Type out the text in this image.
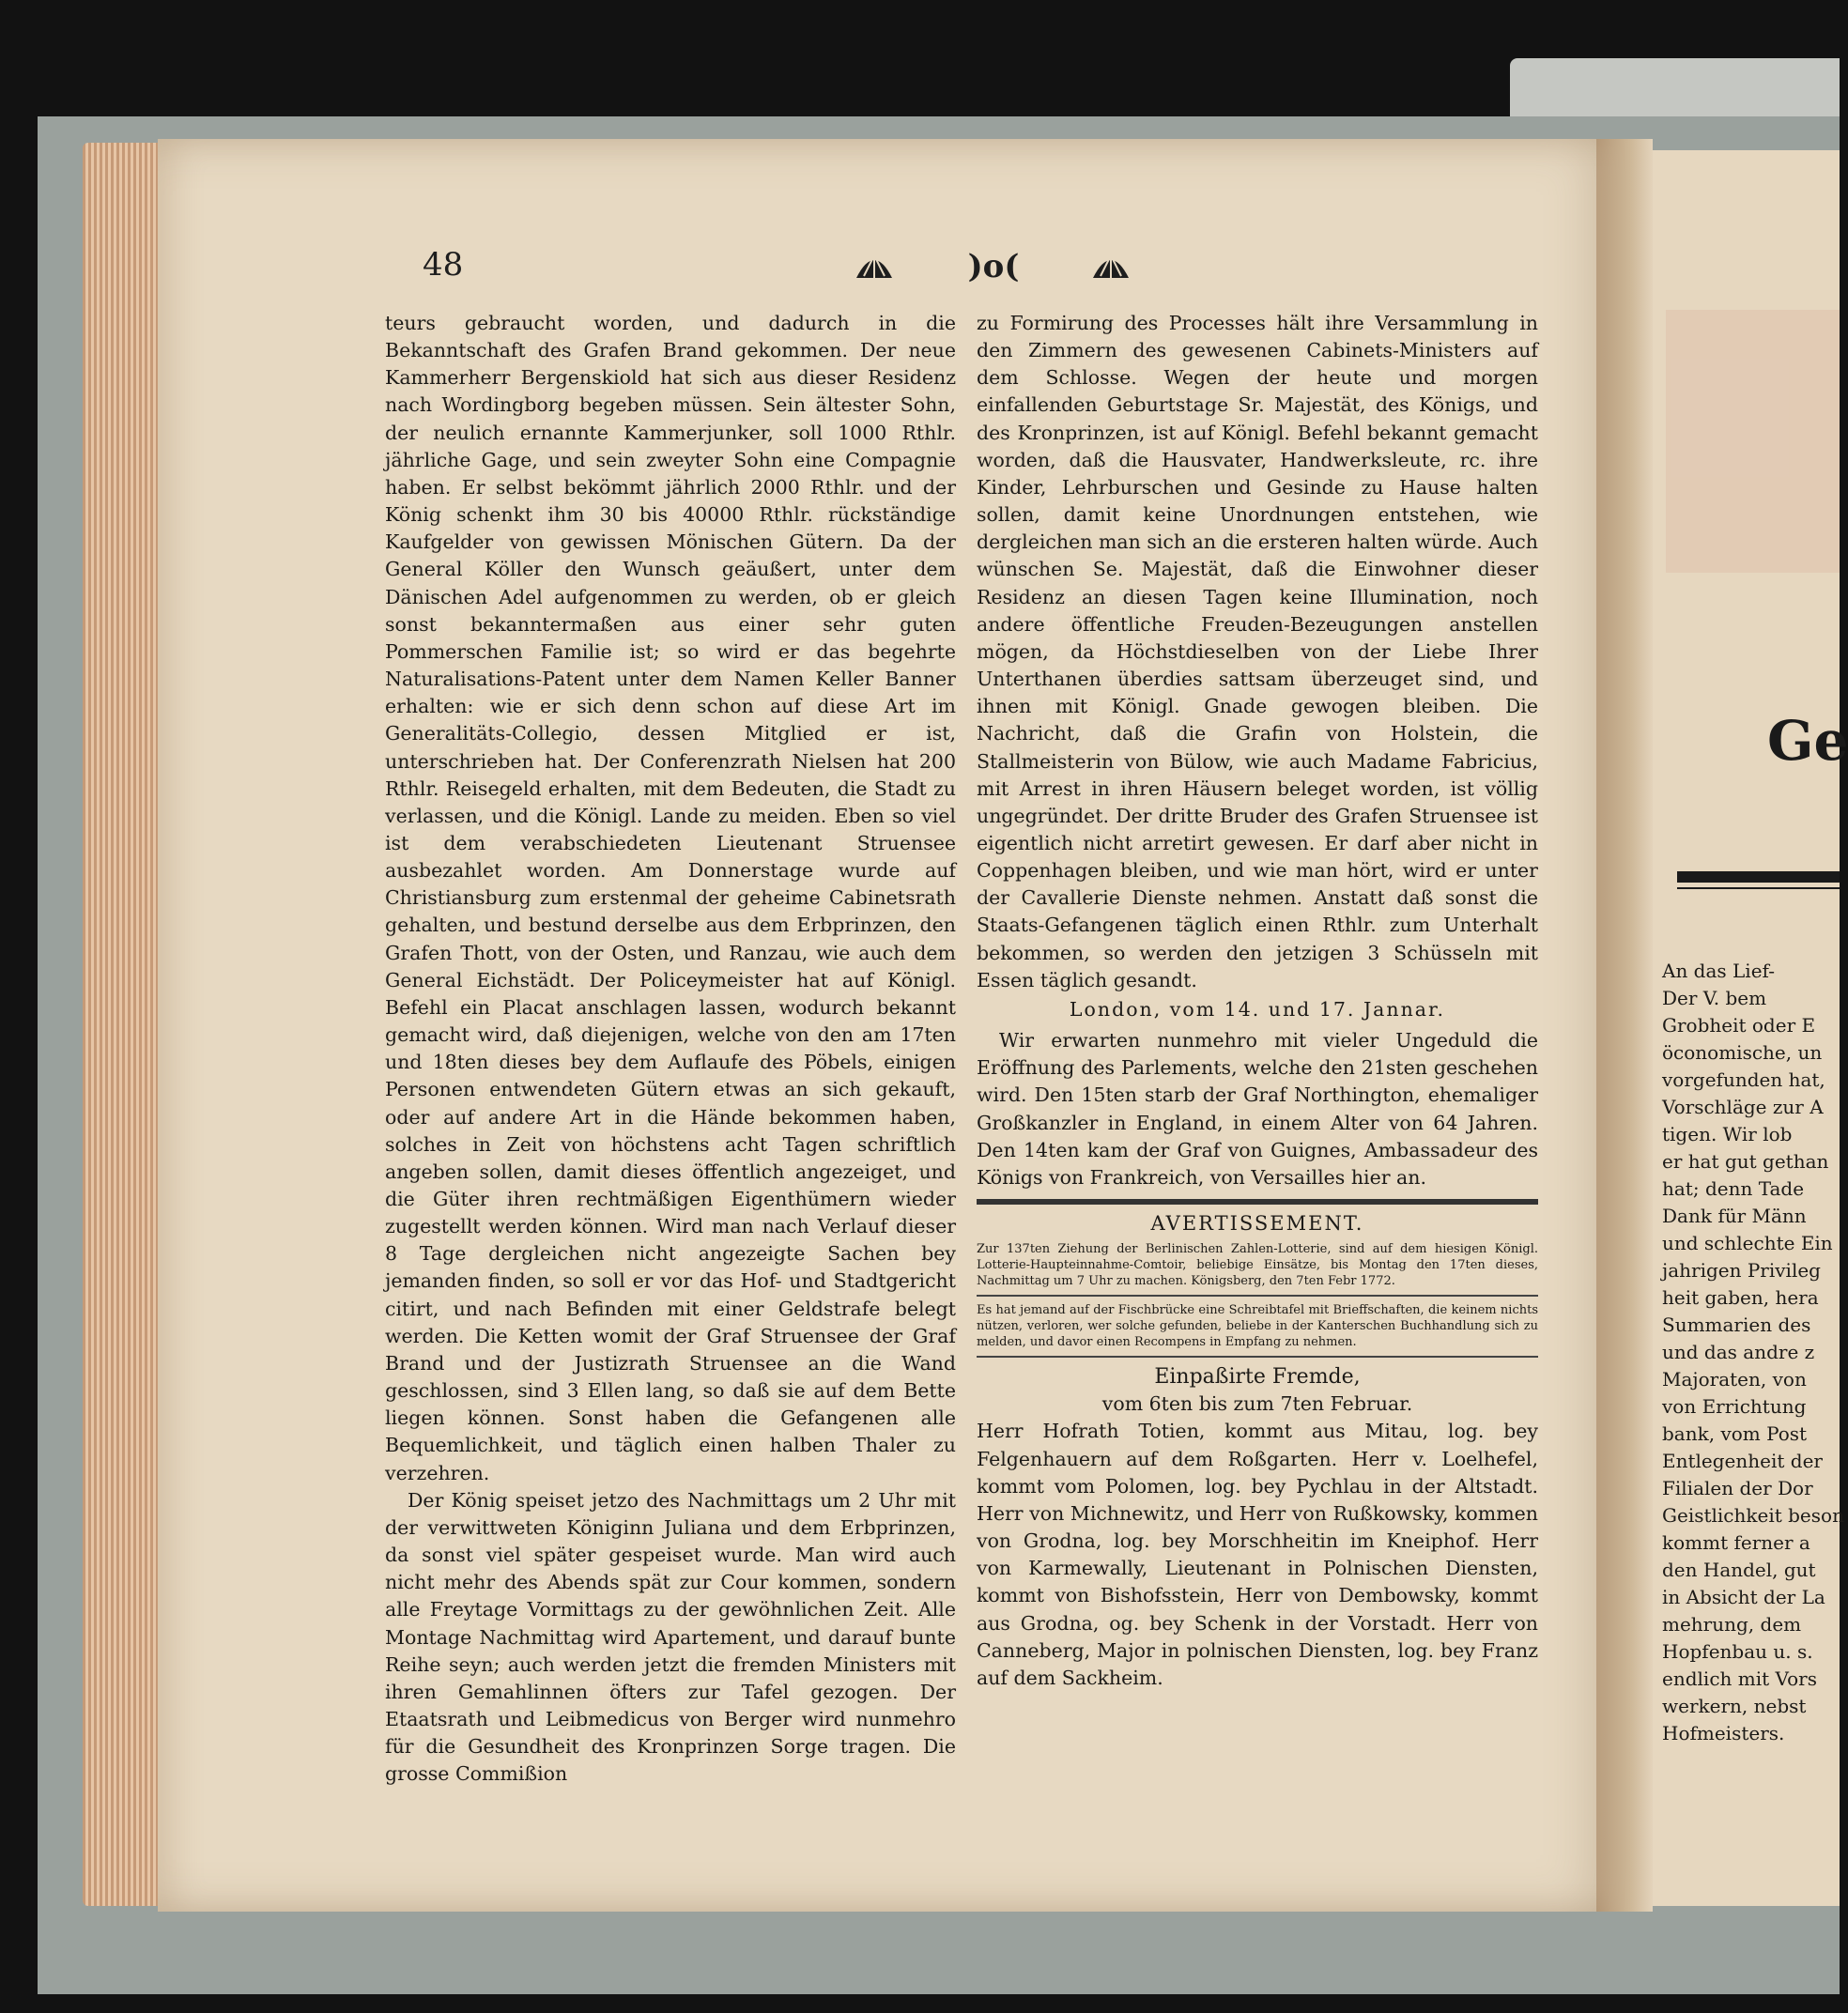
48	)o(

teurs gebraucht worden, und dadurch in die Bekanntschaft des Grafen Brand gekommen. Der neue Kammerherr Bergenskiold hat sich aus dieser Residenz nach Wordingborg begeben müssen. Sein ältester Sohn, der neulich ernannte Kammerjunker, soll 1000 Rthlr. jährliche Gage, und sein zweyter Sohn eine Compagnie haben. Er selbst bekömmt jährlich 2000 Rthlr. und der König schenkt ihm 30 bis 40000 Rthlr. rückständige Kaufgelder von gewissen Mönischen Gütern. Da der General Köller den Wunsch geäußert, unter dem Dänischen Adel aufgenommen zu werden, ob er gleich sonst bekanntermaßen aus einer sehr guten Pommerschen Familie ist; so wird er das begehrte Naturalisations-Patent unter dem Namen Keller Banner erhalten: wie er sich denn schon auf diese Art im Generalitäts-Collegio, dessen Mitglied er ist, unterschrieben hat. Der Conferenzrath Nielsen hat 200 Rthlr. Reisegeld erhalten, mit dem Bedeuten, die Stadt zu verlassen, und die Königl. Lande zu meiden. Eben so viel ist dem verabschiedeten Lieutenant Struensee ausbezahlet worden. Am Donnerstage wurde auf Christiansburg zum erstenmal der geheime Cabinetsrath gehalten, und bestund derselbe aus dem Erbprinzen, den Grafen Thott, von der Osten, und Ranzau, wie auch dem General Eichstädt. Der Policeymeister hat auf Königl. Befehl ein Placat anschlagen lassen, wodurch bekannt gemacht wird, daß diejenigen, welche von den am 17ten und 18ten dieses bey dem Auflaufe des Pöbels, einigen Personen entwendeten Gütern etwas an sich gekauft, oder auf andere Art in die Hände bekommen haben, solches in Zeit von höchstens acht Tagen schriftlich angeben sollen, damit dieses öffentlich angezeiget, und die Güter ihren rechtmäßigen Eigenthümern wieder zugestellt werden können. Wird man nach Verlauf dieser 8 Tage dergleichen nicht angezeigte Sachen bey jemanden finden, so soll er vor das Hof- und Stadtgericht citirt, und nach Befinden mit einer Geldstrafe belegt werden. Die Ketten womit der Graf Struensee der Graf Brand und der Justizrath Struensee an die Wand geschlossen, sind 3 Ellen lang, so daß sie auf dem Bette liegen können. Sonst haben die Gefangenen alle Bequemlichkeit, und täglich einen halben Thaler zu verzehren.

Der König speiset jetzo des Nachmittags um 2 Uhr mit der verwittweten Königinn Juliana und dem Erbprinzen, da sonst viel später gespeiset wurde. Man wird auch nicht mehr des Abends spät zur Cour kommen, sondern alle Freytage Vormittags zu der gewöhnlichen Zeit. Alle Montage Nachmittag wird Apartement, und darauf bunte Reihe seyn; auch werden jetzt die fremden Ministers mit ihren Gemahlinnen öfters zur Tafel gezogen. Der Etaatsrath und Leibmedicus von Berger wird nunmehro für die Gesundheit des Kronprinzen Sorge tragen. Die grosse Commißion

zu Formirung des Processes hält ihre Versammlung in den Zimmern des gewesenen Cabinets-Ministers auf dem Schlosse. Wegen der heute und morgen einfallenden Geburtstage Sr. Majestät, des Königs, und des Kronprinzen, ist auf Königl. Befehl bekannt gemacht worden, daß die Hausvater, Handwerksleute, rc. ihre Kinder, Lehrburschen und Gesinde zu Hause halten sollen, damit keine Unordnungen entstehen, wie dergleichen man sich an die ersteren halten würde. Auch wünschen Se. Majestät, daß die Einwohner dieser Residenz an diesen Tagen keine Illumination, noch andere öffentliche Freuden-Bezeugungen anstellen mögen, da Höchstdieselben von der Liebe Ihrer Unterthanen überdies sattsam überzeuget sind, und ihnen mit Königl. Gnade gewogen bleiben. Die Nachricht, daß die Grafin von Holstein, die Stallmeisterin von Bülow, wie auch Madame Fabricius, mit Arrest in ihren Häusern beleget worden, ist völlig ungegründet. Der dritte Bruder des Grafen Struensee ist eigentlich nicht arretirt gewesen. Er darf aber nicht in Coppenhagen bleiben, und wie man hört, wird er unter der Cavallerie Dienste nehmen. Anstatt daß sonst die Staats-Gefangenen täglich einen Rthlr. zum Unterhalt bekommen, so werden den jetzigen 3 Schüsseln mit Essen täglich gesandt.

London, vom 14. und 17. Jannar.

Wir erwarten nunmehro mit vieler Ungeduld die Eröffnung des Parlements, welche den 21sten geschehen wird. Den 15ten starb der Graf Northington, ehemaliger Großkanzler in England, in einem Alter von 64 Jahren. Den 14ten kam der Graf von Guignes, Ambassadeur des Königs von Frankreich, von Versailles hier an.

AVERTISSEMENT.

Zur 137ten Ziehung der Berlinischen Zahlen-Lotterie, sind auf dem hiesigen Königl. Lotterie-Haupteinnahme-Comtoir, beliebige Einsätze, bis Montag den 17ten dieses, Nachmittag um 7 Uhr zu machen. Königsberg, den 7ten Febr 1772.

Es hat jemand auf der Fischbrücke eine Schreibtafel mit Brieffschaften, die keinem nichts nützen, verloren, wer solche gefunden, beliebe in der Kanterschen Buchhandlung sich zu melden, und davor einen Recompens in Empfang zu nehmen.

Einpaßirte Fremde,

vom 6ten bis zum 7ten Februar.

Herr Hofrath Totien, kommt aus Mitau, log. bey Felgenhauern auf dem Roßgarten. Herr v. Loelhefel, kommt vom Polomen, log. bey Pychlau in der Altstadt. Herr von Michnewitz, und Herr von Rußkowsky, kommen von Grodna, log. bey Morschheitin im Kneiphof. Herr von Karmewally, Lieutenant in Polnischen Diensten, kommt von Bishofsstein, Herr von Dembowsky, kommt aus Grodna, og. bey Schenk in der Vorstadt. Herr von Canneberg, Major in polnischen Diensten, log. bey Franz auf dem Sackheim.

Ge
An das Lief-
Der V. bem
Grobheit oder E
öconomische, un
vorgefunden hat,
Vorschläge zur A
tigen. Wir lob
er hat gut gethan
hat; denn Tade
Dank für Männ
und schlechte Ein
jahrigen Privileg
heit gaben, hera
Summarien des
und das andre z
Majoraten, von
von Errichtung
bank, vom Post
Entlegenheit der
Filialen der Dor
Geistlichkeit beson
kommt ferner a
den Handel, gut
in Absicht der La
mehrung, dem
Hopfenbau u. s.
endlich mit Vors
werkern, nebst
Hofmeisters.
